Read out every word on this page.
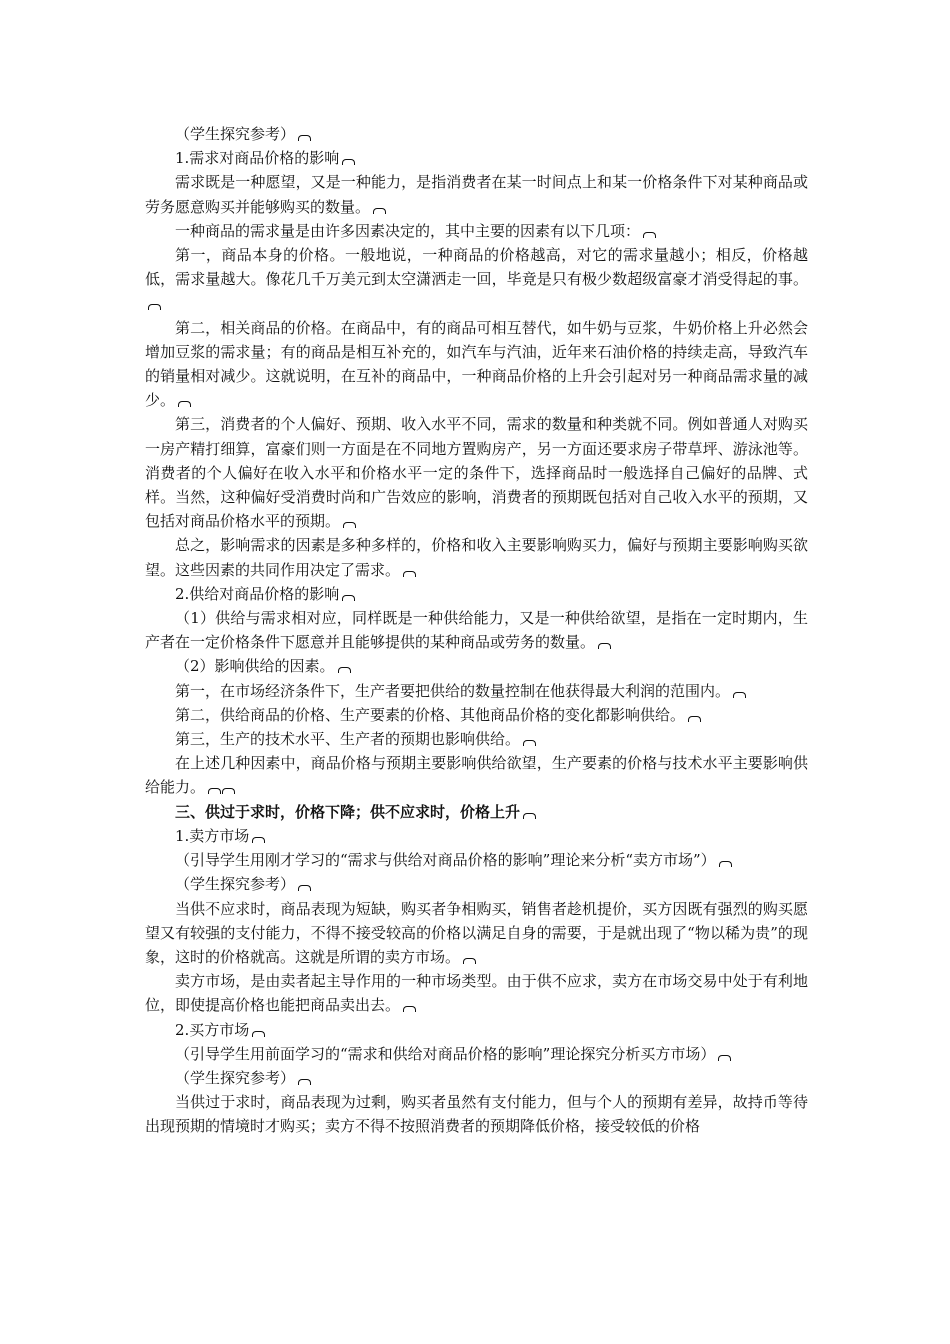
（学生探究参考）

1.需求对商品价格的影响

需求既是一种愿望，又是一种能力，是指消费者在某一时间点上和某一价格条件下对某种商品或劳务愿意购买并能够购买的数量。

一种商品的需求量是由许多因素决定的，其中主要的因素有以下几项：

第一，商品本身的价格。一般地说，一种商品的价格越高，对它的需求量越小；相反，价格越低，需求量越大。像花几千万美元到太空潇洒走一回，毕竟是只有极少数超级富豪才消受得起的事。

第二，相关商品的价格。在商品中，有的商品可相互替代，如牛奶与豆浆，牛奶价格上升必然会增加豆浆的需求量；有的商品是相互补充的，如汽车与汽油，近年来石油价格的持续走高，导致汽车的销量相对减少。这就说明，在互补的商品中，一种商品价格的上升会引起对另一种商品需求量的减少。

第三，消费者的个人偏好、预期、收入水平不同，需求的数量和种类就不同。例如普通人对购买一房产精打细算，富豪们则一方面是在不同地方置购房产，另一方面还要求房子带草坪、游泳池等。消费者的个人偏好在收入水平和价格水平一定的条件下，选择商品时一般选择自己偏好的品牌、式样。当然，这种偏好受消费时尚和广告效应的影响，消费者的预期既包括对自己收入水平的预期，又包括对商品价格水平的预期。

总之，影响需求的因素是多种多样的，价格和收入主要影响购买力，偏好与预期主要影响购买欲望。这些因素的共同作用决定了需求。

2.供给对商品价格的影响

（1）供给与需求相对应，同样既是一种供给能力，又是一种供给欲望，是指在一定时期内，生产者在一定价格条件下愿意并且能够提供的某种商品或劳务的数量。

（2）影响供给的因素。

第一，在市场经济条件下，生产者要把供给的数量控制在他获得最大利润的范围内。

第二，供给商品的价格、生产要素的价格、其他商品价格的变化都影响供给。

第三，生产的技术水平、生产者的预期也影响供给。

在上述几种因素中，商品价格与预期主要影响供给欲望，生产要素的价格与技术水平主要影响供给能力。

三、供过于求时，价格下降；供不应求时，价格上升

1.卖方市场

（引导学生用刚才学习的“需求与供给对商品价格的影响”理论来分析“卖方市场”）

（学生探究参考）

当供不应求时，商品表现为短缺，购买者争相购买，销售者趁机提价，买方因既有强烈的购买愿望又有较强的支付能力，不得不接受较高的价格以满足自身的需要，于是就出现了“物以稀为贵”的现象，这时的价格就高。这就是所谓的卖方市场。

卖方市场，是由卖者起主导作用的一种市场类型。由于供不应求，卖方在市场交易中处于有利地位，即使提高价格也能把商品卖出去。

2.买方市场

（引导学生用前面学习的“需求和供给对商品价格的影响”理论探究分析买方市场）

（学生探究参考）

当供过于求时，商品表现为过剩，购买者虽然有支付能力，但与个人的预期有差异，故持币等待出现预期的情境时才购买；卖方不得不按照消费者的预期降低价格，接受较低的价格
